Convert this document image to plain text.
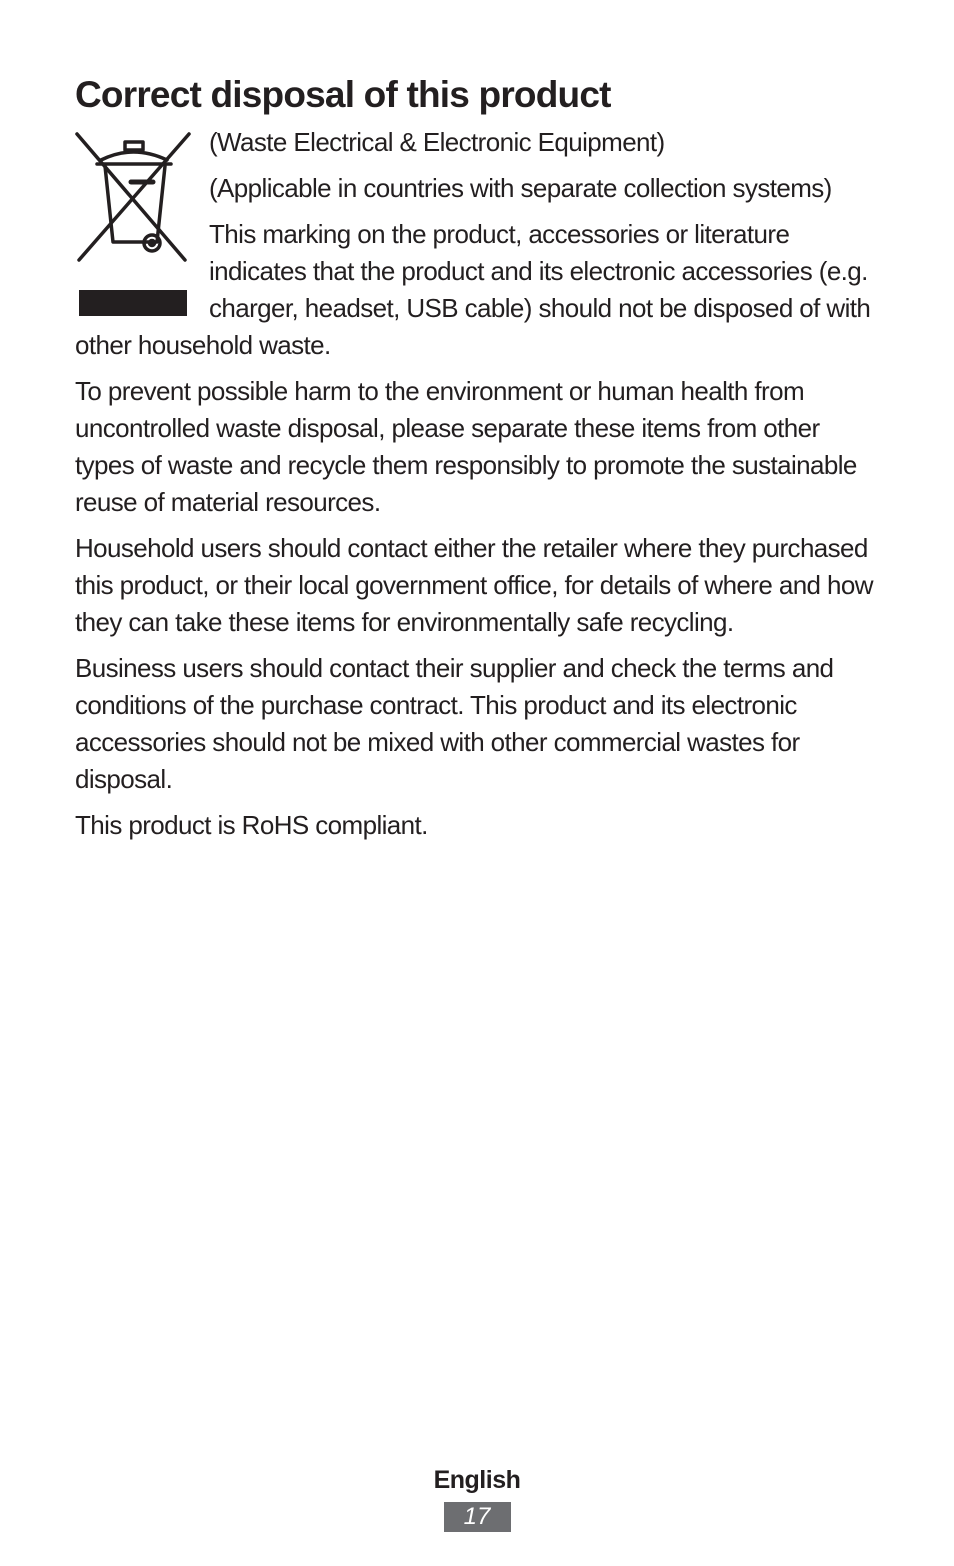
Correct disposal of this product

(Waste Electrical & Electronic Equipment)

(Applicable in countries with separate collection systems)

This marking on the product, accessories or literature indicates that the product and its electronic accessories (e.g. charger, headset, USB cable) should not be disposed of with other household waste.

To prevent possible harm to the environment or human health from uncontrolled waste disposal, please separate these items from other types of waste and recycle them responsibly to promote the sustainable reuse of material resources.

Household users should contact either the retailer where they purchased this product, or their local government office, for details of where and how they can take these items for environmentally safe recycling.

Business users should contact their supplier and check the terms and conditions of the purchase contract. This product and its electronic accessories should not be mixed with other commercial wastes for disposal.

This product is RoHS compliant.

English
17
